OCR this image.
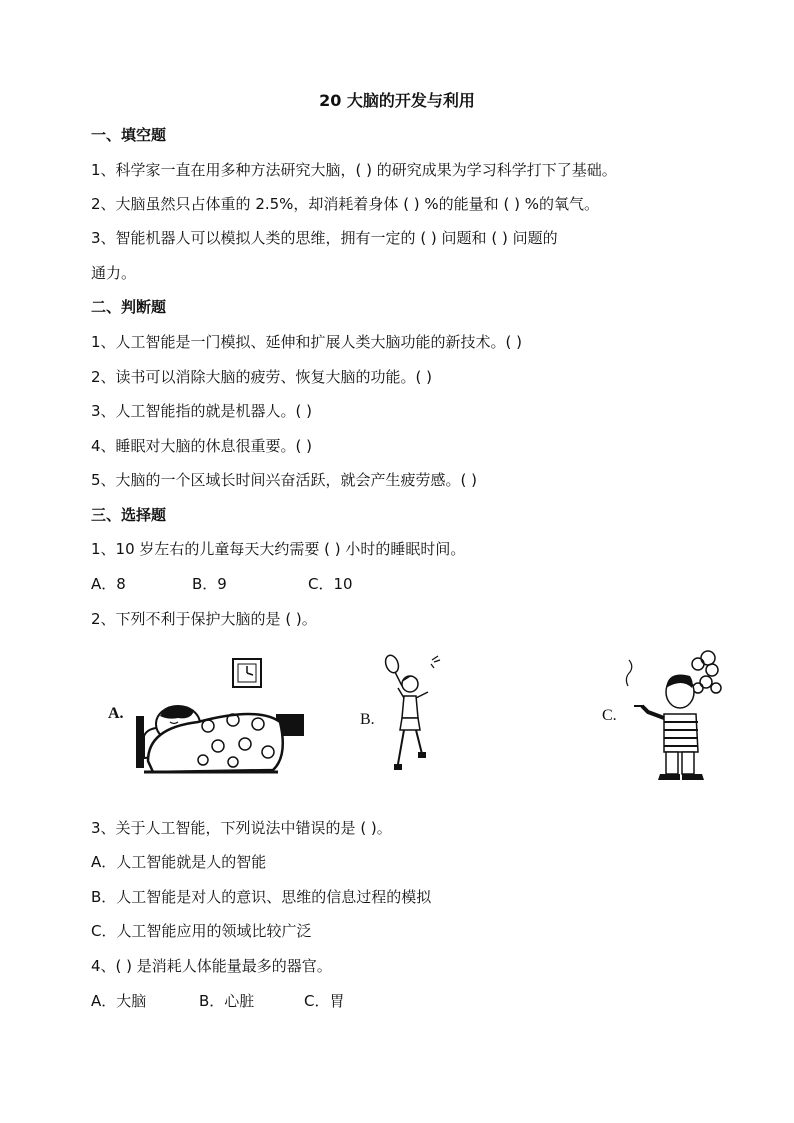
20 大脑的开发与利用
一、填空题
1、科学家一直在用多种方法研究大脑，( ) 的研究成果为学习科学打下了基础。
2、大脑虽然只占体重的 2.5%，却消耗着身体 ( ) %的能量和 ( ) %的氧气。
3、智能机器人可以模拟人类的思维，拥有一定的 ( ) 问题和 ( ) 问题的
通力。
二、判断题
1、人工智能是一门模拟、延伸和扩展人类大脑功能的新技术。( )
2、读书可以消除大脑的疲劳、恢复大脑的功能。( )
3、人工智能指的就是机器人。( )
4、睡眠对大脑的休息很重要。( )
5、大脑的一个区域长时间兴奋活跃，就会产生疲劳感。( )
三、选择题
1、10 岁左右的儿童每天大约需要 ( ) 小时的睡眠时间。
A．8	B．9	C．10
2、下列不利于保护大脑的是 ( )。
A.	B.	C.
3、关于人工智能，下列说法中错误的是 ( )。
A．人工智能就是人的智能
B．人工智能是对人的意识、思维的信息过程的模拟
C．人工智能应用的领域比较广泛
4、( ) 是消耗人体能量最多的器官。
A．大脑	B．心脏	C．胃
